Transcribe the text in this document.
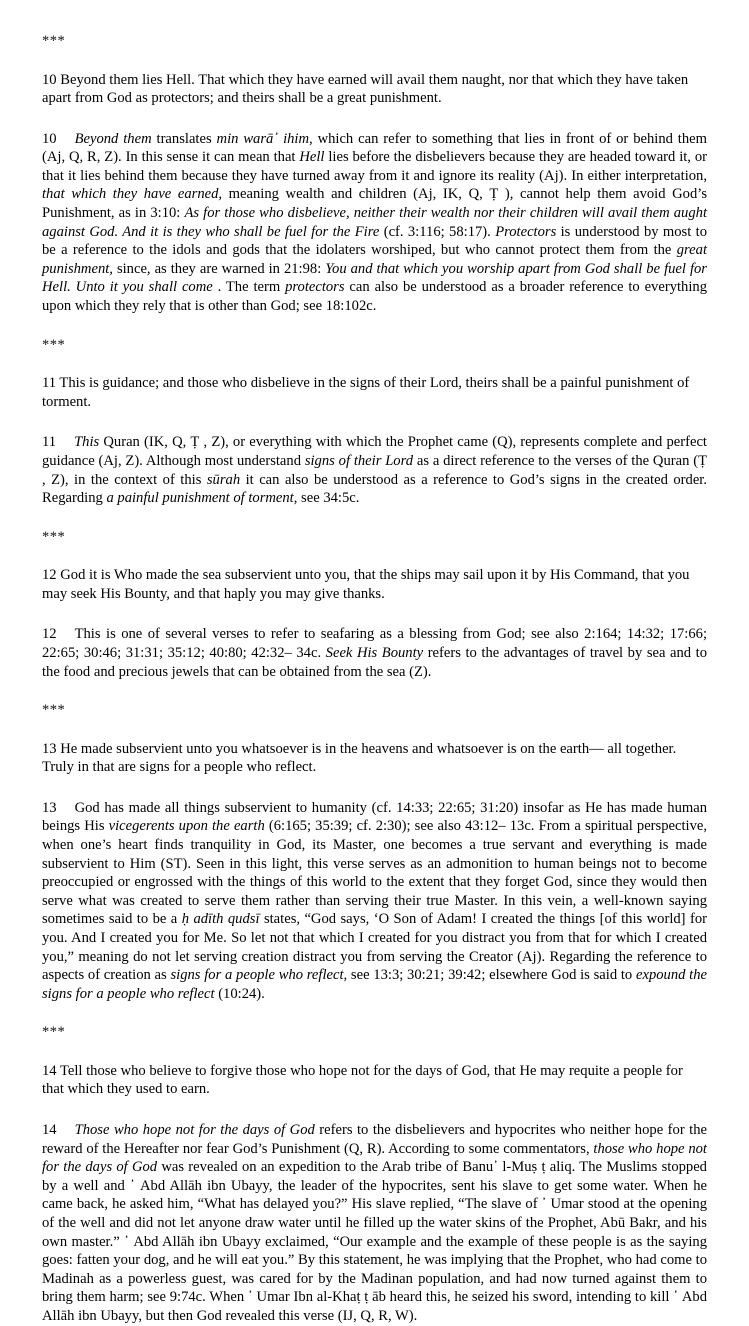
***

10 Beyond them lies Hell. That which they have earned will avail them naught, nor that which they have taken apart from God as protectors; and theirs shall be a great punishment.

10 Beyond them translates min warā᾿ ihim, which can refer to something that lies in front of or behind them (Aj, Q, R, Z). In this sense it can mean that Hell lies before the disbelievers because they are headed toward it, or that it lies behind them because they have turned away from it and ignore its reality (Aj). In either interpretation, that which they have earned, meaning wealth and children (Aj, IK, Q, Ṭ ), cannot help them avoid God’s Punishment, as in 3:10: As for those who disbelieve, neither their wealth nor their children will avail them aught against God. And it is they who shall be fuel for the Fire (cf. 3:116; 58:17). Protectors is understood by most to be a reference to the idols and gods that the idolaters worshiped, but who cannot protect them from the great punishment, since, as they are warned in 21:98: You and that which you worship apart from God shall be fuel for Hell. Unto it you shall come . The term protectors can also be understood as a broader reference to everything upon which they rely that is other than God; see 18:102c.

***

11 This is guidance; and those who disbelieve in the signs of their Lord, theirs shall be a painful punishment of torment.

11 This Quran (IK, Q, Ṭ , Z), or everything with which the Prophet came (Q), represents complete and perfect guidance (Aj, Z). Although most understand signs of their Lord as a direct reference to the verses of the Quran (Ṭ , Z), in the context of this sūrah it can also be understood as a reference to God’s signs in the created order. Regarding a painful punishment of torment, see 34:5c.

***

12 God it is Who made the sea subservient unto you, that the ships may sail upon it by His Command, that you may seek His Bounty, and that haply you may give thanks.

12 This is one of several verses to refer to seafaring as a blessing from God; see also 2:164; 14:32; 17:66; 22:65; 30:46; 31:31; 35:12; 40:80; 42:32– 34c. Seek His Bounty refers to the advantages of travel by sea and to the food and precious jewels that can be obtained from the sea (Z).

***

13 He made subservient unto you whatsoever is in the heavens and whatsoever is on the earth— all together. Truly in that are signs for a people who reflect.

13 God has made all things subservient to humanity (cf. 14:33; 22:65; 31:20) insofar as He has made human beings His vicegerents upon the earth (6:165; 35:39; cf. 2:30); see also 43:12– 13c. From a spiritual perspective, when one’s heart finds tranquility in God, its Master, one becomes a true servant and everything is made subservient to Him (ST). Seen in this light, this verse serves as an admonition to human beings not to become preoccupied or engrossed with the things of this world to the extent that they forget God, since they would then serve what was created to serve them rather than serving their true Master. In this vein, a well-known saying sometimes said to be a ḥ adīth qudsī states, “God says, ‘O Son of Adam! I created the things [of this world] for you. And I created you for Me. So let not that which I created for you distract you from that for which I created you,” meaning do not let serving creation distract you from serving the Creator (Aj). Regarding the reference to aspects of creation as signs for a people who reflect, see 13:3; 30:21; 39:42; elsewhere God is said to expound the signs for a people who reflect (10:24).

***

14 Tell those who believe to forgive those who hope not for the days of God, that He may requite a people for that which they used to earn.

14 Those who hope not for the days of God refers to the disbelievers and hypocrites who neither hope for the reward of the Hereafter nor fear God’s Punishment (Q, R). According to some commentators, those who hope not for the days of God was revealed on an expedition to the Arab tribe of Banu᾿ l-Muṣ ṭ aliq. The Muslims stopped by a well and ᾿ Abd Allāh ibn Ubayy, the leader of the hypocrites, sent his slave to get some water. When he came back, he asked him, “What has delayed you?” His slave replied, “The slave of ᾿ Umar stood at the opening of the well and did not let anyone draw water until he filled up the water skins of the Prophet, Abū Bakr, and his own master.” ᾿ Abd Allāh ibn Ubayy exclaimed, “Our example and the example of these people is as the saying goes: fatten your dog, and he will eat you.” By this statement, he was implying that the Prophet, who had come to Madinah as a powerless guest, was cared for by the Madinan population, and had now turned against them to bring them harm; see 9:74c. When ᾿ Umar Ibn al-Khaṭ ṭ āb heard this, he seized his sword, intending to kill ᾿ Abd Allāh ibn Ubayy, but then God revealed this verse (IJ, Q, R, W).
